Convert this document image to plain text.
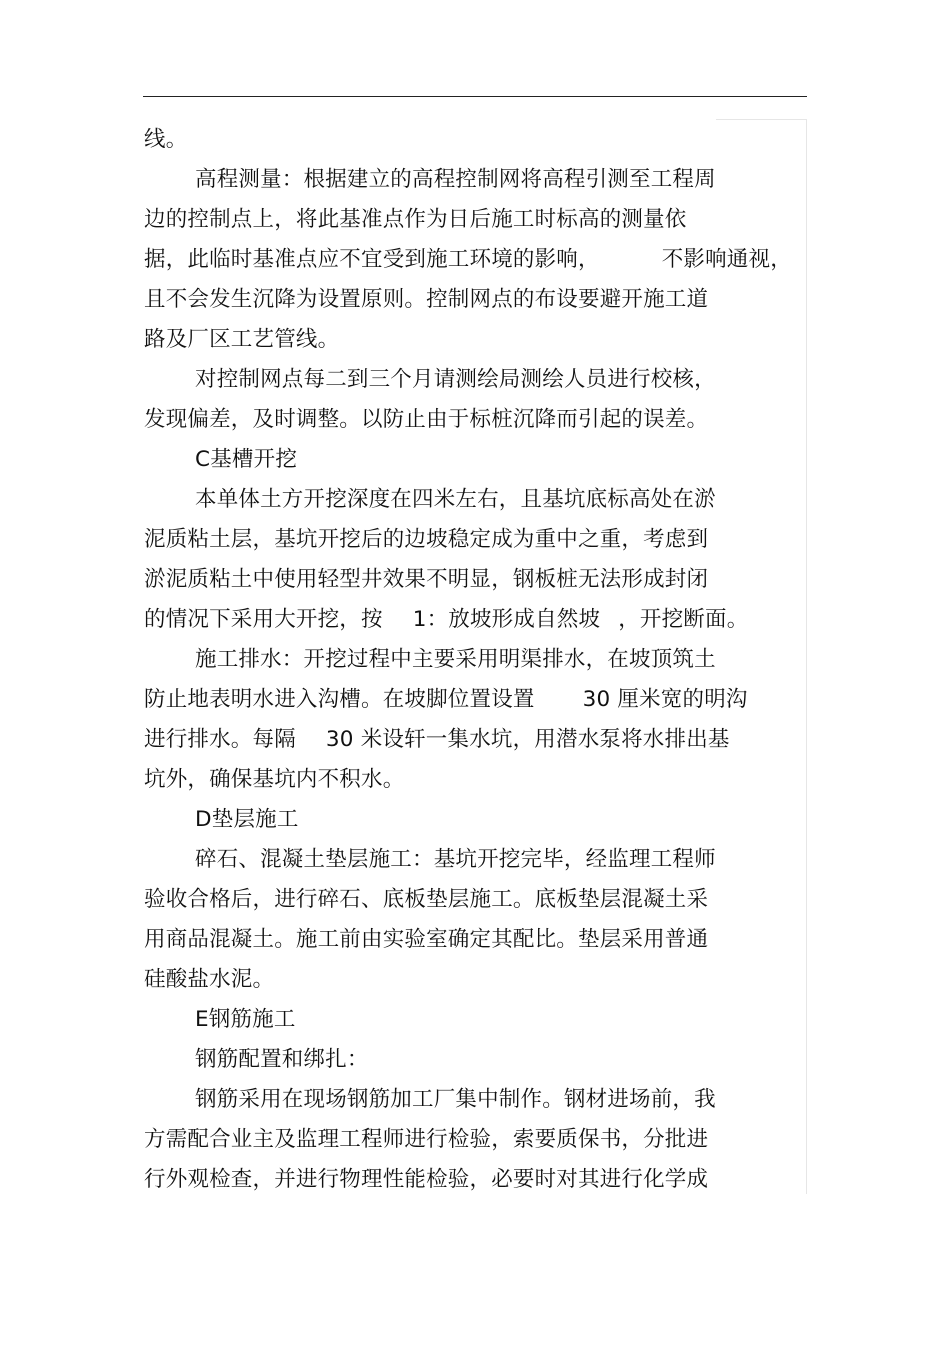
线。
高程测量：根据建立的高程控制网将高程引测至工程周
边的控制点上，将此基准点作为日后施工时标高的测量依
据，此临时基准点应不宜受到施工环境的影响，	不影响通视，
且不会发生沉降为设置原则。控制网点的布设要避开施工道
路及厂区工艺管线。
对控制网点每二到三个月请测绘局测绘人员进行校核，
发现偏差，及时调整。以防止由于标桩沉降而引起的误差。
C基槽开挖
本单体土方开挖深度在四米左右，且基坑底标高处在淤
泥质粘土层，基坑开挖后的边坡稳定成为重中之重，考虑到
淤泥质粘土中使用轻型井效果不明显，钢板桩无法形成封闭
的情况下采用大开挖，按 1：放坡形成自然坡 ，开挖断面。
施工排水：开挖过程中主要采用明渠排水，在坡顶筑土
防止地表明水进入沟槽。在坡脚位置设置 30 厘米宽的明沟
进行排水。每隔 30 米设轩一集水坑，用潜水泵将水排出基
坑外，确保基坑内不积水。
D垫层施工
碎石、混凝土垫层施工：基坑开挖完毕，经监理工程师
验收合格后，进行碎石、底板垫层施工。底板垫层混凝土采
用商品混凝土。施工前由实验室确定其配比。垫层采用普通
硅酸盐水泥。
E钢筋施工
钢筋配置和绑扎：
钢筋采用在现场钢筋加工厂集中制作。钢材进场前，我
方需配合业主及监理工程师进行检验，索要质保书，分批进
行外观检查，并进行物理性能检验，必要时对其进行化学成
